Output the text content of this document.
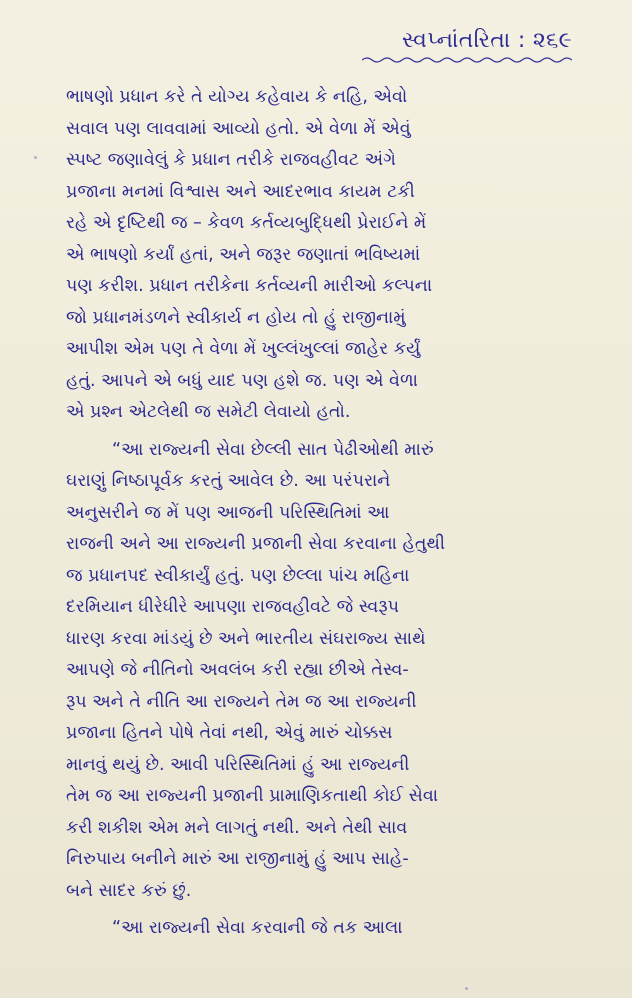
સ્વપ્નાંતરિતા : ૨૬૯

ભાષણો પ્રધાન કરે તે યોગ્ય કહેવાય કે નહિ, એવો
સવાલ પણ લાવવામાં આવ્યો હતો. એ વેળા મેં એવું
સ્પષ્ટ જણાવેલું કે પ્રધાન તરીકે રાજવહીવટ અંગે
પ્રજાના મનમાં વિશ્વાસ અને આદરભાવ કાયમ ટકી
રહે એ દૃષ્ટિથી જ – કેવળ કર્તવ્યબુદ્ધિથી પ્રેરાઈને મેં
એ ભાષણો કર્યાં હતાં, અને જરૂર જણાતાં ભવિષ્યમાં
પણ કરીશ. પ્રધાન તરીકેના કર્તવ્યની મારીઓ કલ્પના
જો પ્રધાનમંડળને સ્વીકાર્ય ન હોય તો હું રાજીનામું
આપીશ એમ પણ તે વેળા મેં ખુલ્લંખુલ્લાં જાહેર કર્યું
હતું. આપને એ બધું યાદ પણ હશે જ. પણ એ વેળા
એ પ્રશ્ન એટલેથી જ સમેટી લેવાયો હતો.

“આ રાજ્યની સેવા છેલ્લી સાત પેઢીઓથી મારું
ઘરાણું નિષ્ઠાપૂર્વક કરતું આવેલ છે. આ પરંપરાને
અનુસરીને જ મેં પણ આજની પરિસ્થિતિમાં આ
રાજની અને આ રાજ્યની પ્રજાની સેવા કરવાના હેતુથી
જ પ્રધાનપદ સ્વીકાર્યું હતું. પણ છેલ્લા પાંચ મહિના
દરમિયાન ધીરેધીરે આપણા રાજવહીવટે જે સ્વરૂપ
ધારણ કરવા માંડયું છે અને ભારતીય સંઘરાજ્ય સાથે
આપણે જે નીતિનો અવલંબ કરી રહ્યા છીએ તેસ્વ-
રૂપ અને તે નીતિ આ રાજ્યને તેમ જ આ રાજ્યની
પ્રજાના હિતને પોષે તેવાં નથી, એવું મારું ચોક્કસ
માનવું થયું છે. આવી પરિસ્થિતિમાં હું આ રાજ્યની
તેમ જ આ રાજ્યની પ્રજાની પ્રામાણિકતાથી કોઈ સેવા
કરી શકીશ એમ મને લાગતું નથી. અને તેથી સાવ
નિરુપાય બનીને મારું આ રાજીનામું હું આપ સાહે-
બને સાદર કરું છું.

“આ રાજ્યની સેવા કરવાની જે તક આલા
